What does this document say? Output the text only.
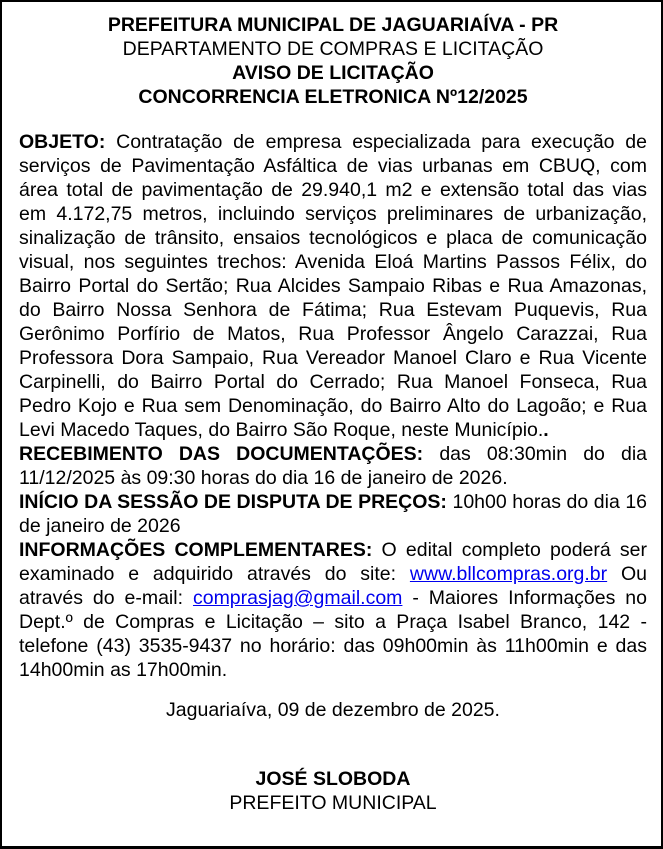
PREFEITURA MUNICIPAL DE JAGUARIAÍVA - PR
DEPARTAMENTO DE COMPRAS E LICITAÇÃO
AVISO DE LICITAÇÃO
CONCORRENCIA ELETRONICA Nº12/2025

OBJETO: Contratação de empresa especializada para execução de serviços de Pavimentação Asfáltica de vias urbanas em CBUQ, com área total de pavimentação de 29.940,1 m2 e extensão total das vias em 4.172,75 metros, incluindo serviços preliminares de urbanização, sinalização de trânsito, ensaios tecnológicos e placa de comunicação visual, nos seguintes trechos: Avenida Eloá Martins Passos Félix, do Bairro Portal do Sertão; Rua Alcides Sampaio Ribas e Rua Amazonas, do Bairro Nossa Senhora de Fátima; Rua Estevam Puquevis, Rua Gerônimo Porfírio de Matos, Rua Professor Ângelo Carazzai, Rua Professora Dora Sampaio, Rua Vereador Manoel Claro e Rua Vicente Carpinelli, do Bairro Portal do Cerrado; Rua Manoel Fonseca, Rua Pedro Kojo e Rua sem Denominação, do Bairro Alto do Lagoão; e Rua Levi Macedo Taques, do Bairro São Roque, neste Município..

RECEBIMENTO DAS DOCUMENTAÇÕES: das 08:30min do dia 11/12/2025 às 09:30 horas do dia 16 de janeiro de 2026.

INÍCIO DA SESSÃO DE DISPUTA DE PREÇOS: 10h00 horas do dia 16 de janeiro de 2026

INFORMAÇÕES COMPLEMENTARES: O edital completo poderá ser examinado e adquirido através do site: www.bllcompras.org.br Ou através do e-mail: comprasjag@gmail.com - Maiores Informações no Dept.º de Compras e Licitação – sito a Praça Isabel Branco, 142 - telefone (43) 3535-9437 no horário: das 09h00min às 11h00min e das 14h00min as 17h00min.

Jaguariaíva, 09 de dezembro de 2025.

JOSÉ SLOBODA
PREFEITO MUNICIPAL
